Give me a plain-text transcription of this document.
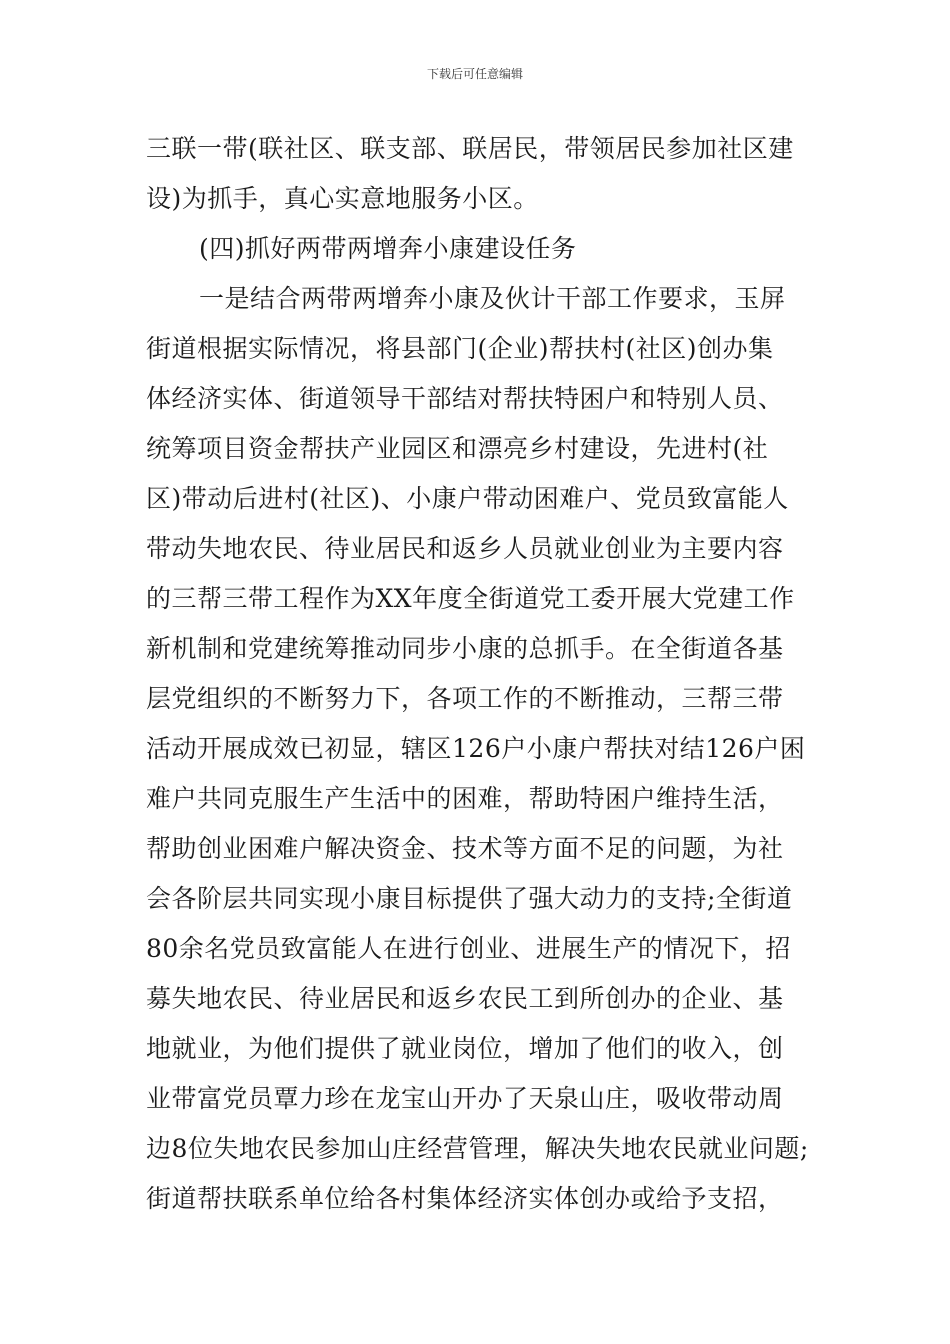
下载后可任意编辑
三联一带(联社区、联支部、联居民，带领居民参加社区建
设)为抓手，真心实意地服务小区。
(四)抓好两带两增奔小康建设任务
一是结合两带两增奔小康及伙计干部工作要求，玉屏
街道根据实际情况，将县部门(企业)帮扶村(社区)创办集
体经济实体、街道领导干部结对帮扶特困户和特别人员、
统筹项目资金帮扶产业园区和漂亮乡村建设，先进村(社
区)带动后进村(社区)、小康户带动困难户、党员致富能人
带动失地农民、待业居民和返乡人员就业创业为主要内容
的三帮三带工程作为XX年度全街道党工委开展大党建工作
新机制和党建统筹推动同步小康的总抓手。在全街道各基
层党组织的不断努力下，各项工作的不断推动，三帮三带
活动开展成效已初显，辖区126户小康户帮扶对结126户困
难户共同克服生产生活中的困难，帮助特困户维持生活，
帮助创业困难户解决资金、技术等方面不足的问题，为社
会各阶层共同实现小康目标提供了强大动力的支持;全街道
80余名党员致富能人在进行创业、进展生产的情况下，招
募失地农民、待业居民和返乡农民工到所创办的企业、基
地就业，为他们提供了就业岗位，增加了他们的收入，创
业带富党员覃力珍在龙宝山开办了天泉山庄，吸收带动周
边8位失地农民参加山庄经营管理，解决失地农民就业问题;
街道帮扶联系单位给各村集体经济实体创办或给予支招，
